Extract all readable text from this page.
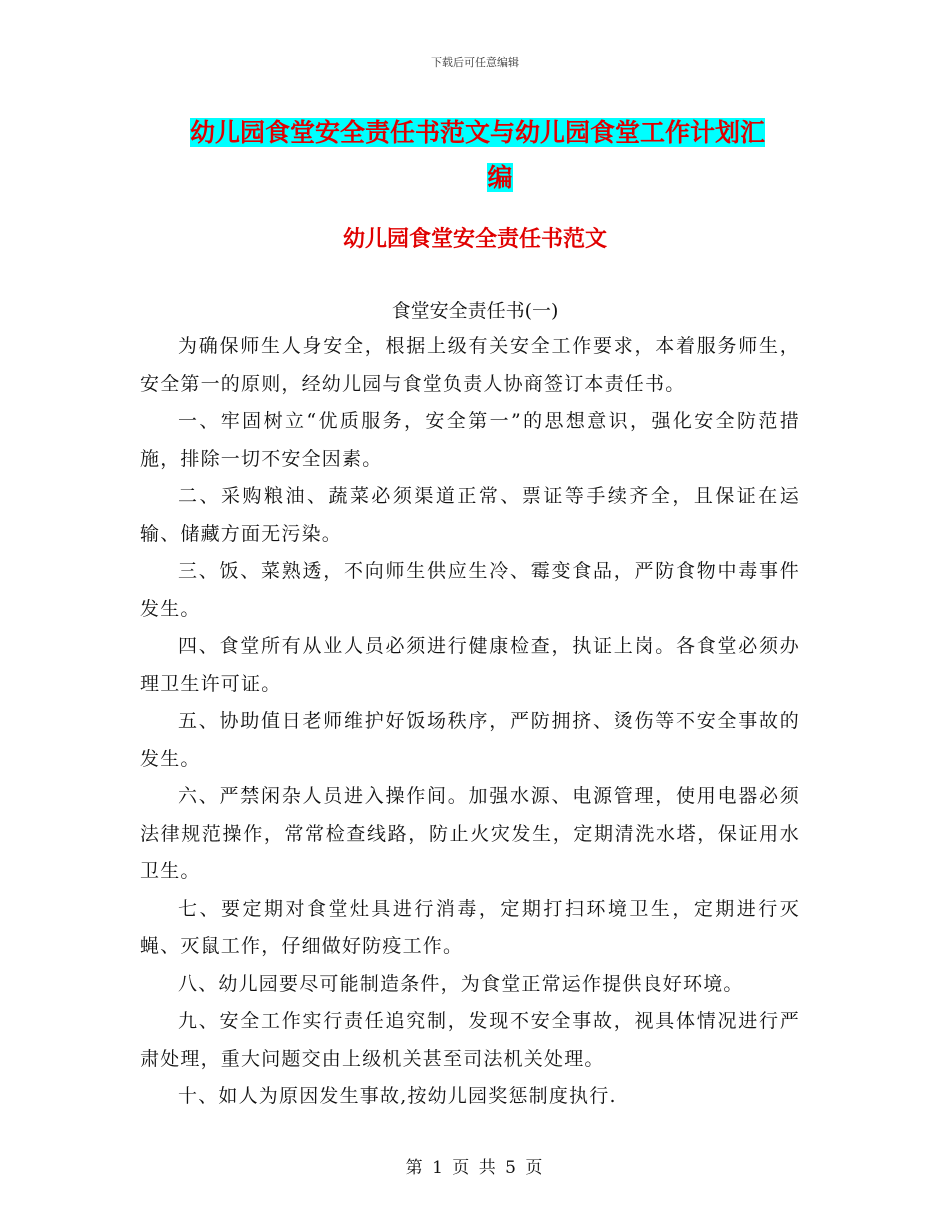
下载后可任意编辑
幼儿园食堂安全责任书范文与幼儿园食堂工作计划汇
编
幼儿园食堂安全责任书范文
食堂安全责任书(一)

为确保师生人身安全，根据上级有关安全工作要求，本着服务师生，安全第一的原则，经幼儿园与食堂负责人协商签订本责任书。

一、牢固树立“优质服务，安全第一”的思想意识，强化安全防范措施，排除一切不安全因素。

二、采购粮油、蔬菜必须渠道正常、票证等手续齐全，且保证在运输、储藏方面无污染。

三、饭、菜熟透，不向师生供应生冷、霉变食品，严防食物中毒事件发生。

四、食堂所有从业人员必须进行健康检查，执证上岗。各食堂必须办理卫生许可证。

五、协助值日老师维护好饭场秩序，严防拥挤、烫伤等不安全事故的发生。

六、严禁闲杂人员进入操作间。加强水源、电源管理，使用电器必须法律规范操作，常常检查线路，防止火灾发生，定期清洗水塔，保证用水卫生。

七、要定期对食堂灶具进行消毒，定期打扫环境卫生，定期进行灭蝇、灭鼠工作，仔细做好防疫工作。

八、幼儿园要尽可能制造条件，为食堂正常运作提供良好环境。

九、安全工作实行责任追究制，发现不安全事故，视具体情况进行严肃处理，重大问题交由上级机关甚至司法机关处理。

十、如人为原因发生事故,按幼儿园奖惩制度执行.

第 1 页 共 5 页
